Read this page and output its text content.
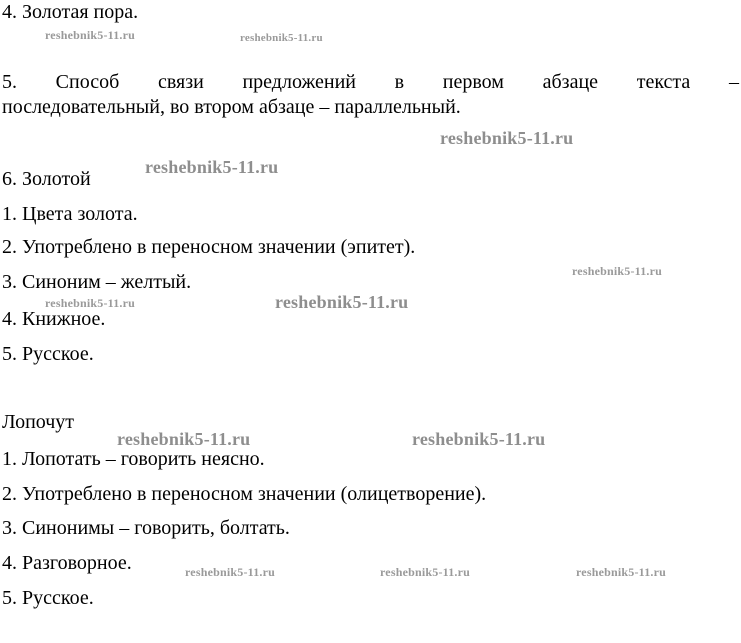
4. Золотая пора.
5. Способ связи предложений в первом абзаце текста –
последовательный, во втором абзаце – параллельный.
6. Золотой
1. Цвета золота.
2. Употреблено в переносном значении (эпитет).
3. Синоним – желтый.
4. Книжное.
5. Русское.
Лопочут
1. Лопотать – говорить неясно.
2. Употреблено в переносном значении (олицетворение).
3. Синонимы – говорить, болтать.
4. Разговорное.
5. Русское.
reshebnik5-11.ru	reshebnik5-11.ru
reshebnik5-11.ru
reshebnik5-11.ru
reshebnik5-11.ru
reshebnik5-11.ru	reshebnik5-11.ru
reshebnik5-11.ru	reshebnik5-11.ru
reshebnik5-11.ru	reshebnik5-11.ru	reshebnik5-11.ru
